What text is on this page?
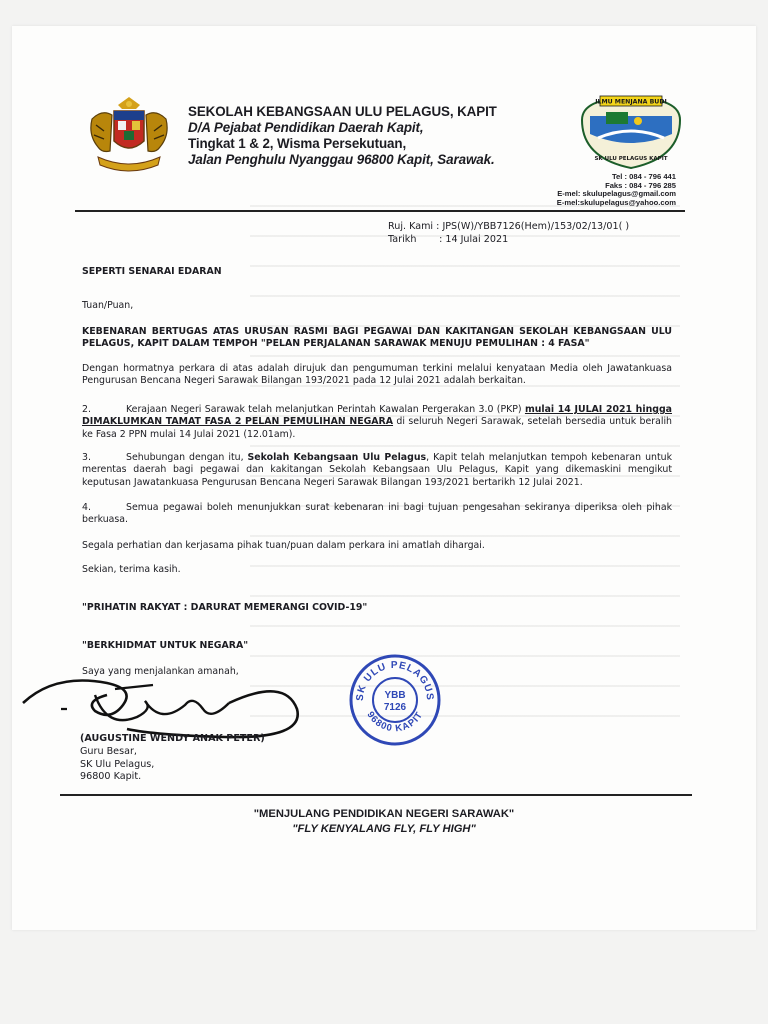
SEKOLAH KEBANGSAAN ULU PELAGUS, KAPIT
D/A Pejabat Pendidikan Daerah Kapit,
Tingkat 1 & 2, Wisma Persekutuan,
Jalan Penghulu Nyanggau 96800 Kapit, Sarawak.
ILMU MENJANA BUDI
SK ULU PELAGUS KAPIT
Tel : 084 - 796 441
Faks : 084 - 796 285
E-mel: skulupelagus@gmail.com
E-mel:skulupelagus@yahoo.com
Ruj. Kami : JPS(W)/YBB7126(Hem)/153/02/13/01( )
Tarikh : 14 Julai 2021
SEPERTI SENARAI EDARAN
Tuan/Puan,
KEBENARAN BERTUGAS ATAS URUSAN RASMI BAGI PEGAWAI DAN KAKITANGAN SEKOLAH KEBANGSAAN ULU PELAGUS, KAPIT DALAM TEMPOH "PELAN PERJALANAN SARAWAK MENUJU PEMULIHAN : 4 FASA"
Dengan hormatnya perkara di atas adalah dirujuk dan pengumuman terkini melalui kenyataan Media oleh Jawatankuasa Pengurusan Bencana Negeri Sarawak Bilangan 193/2021 pada 12 Julai 2021 adalah berkaitan.
2.	Kerajaan Negeri Sarawak telah melanjutkan Perintah Kawalan Pergerakan 3.0 (PKP) mulai 14 JULAI 2021 hingga DIMAKLUMKAN TAMAT FASA 2 PELAN PEMULIHAN NEGARA di seluruh Negeri Sarawak, setelah bersedia untuk beralih ke Fasa 2 PPN mulai 14 Julai 2021 (12.01am).
3.	Sehubungan dengan itu, Sekolah Kebangsaan Ulu Pelagus, Kapit telah melanjutkan tempoh kebenaran untuk merentas daerah bagi pegawai dan kakitangan Sekolah Kebangsaan Ulu Pelagus, Kapit yang dikemaskini mengikut keputusan Jawatankuasa Pengurusan Bencana Negeri Sarawak Bilangan 193/2021 bertarikh 12 Julai 2021.
4.	Semua pegawai boleh menunjukkan surat kebenaran ini bagi tujuan pengesahan sekiranya diperiksa oleh pihak berkuasa.
Segala perhatian dan kerjasama pihak tuan/puan dalam perkara ini amatlah dihargai.
Sekian, terima kasih.
"PRIHATIN RAKYAT : DARURAT MEMERANGI COVID-19"
"BERKHIDMAT UNTUK NEGARA"
Saya yang menjalankan amanah,
SK ULU PELAGUS
96800 KAPIT
YBB
7126
(AUGUSTINE WENDY ANAK PETER)
Guru Besar,
SK Ulu Pelagus,
96800 Kapit.
"MENJULANG PENDIDIKAN NEGERI SARAWAK"
"FLY KENYALANG FLY, FLY HIGH"
